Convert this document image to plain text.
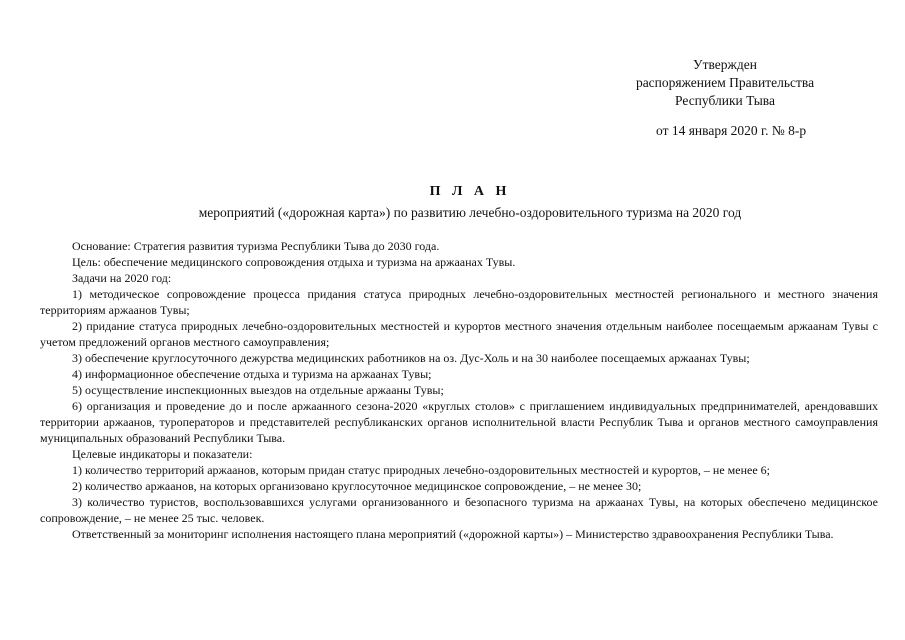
Утвержден
распоряжением Правительства
Республики Тыва
от 14 января 2020 г. № 8-р
П Л А Н
мероприятий («дорожная карта») по развитию лечебно-оздоровительного туризма на 2020 год

Основание: Стратегия развития туризма Республики Тыва до 2030 года.

Цель: обеспечение медицинского сопровождения отдыха и туризма на аржаанах Тувы.

Задачи на 2020 год:

1) методическое сопровождение процесса придания статуса природных лечебно-оздоровительных местностей регионального и местного значения территориям аржаанов Тувы;

2) придание статуса природных лечебно-оздоровительных местностей и курортов местного значения отдельным наиболее посещаемым аржаанам Тувы с учетом предложений органов местного самоуправления;

3) обеспечение круглосуточного дежурства медицинских работников на оз. Дус-Холь и на 30 наиболее посещаемых аржаанах Тувы;

4) информационное обеспечение отдыха и туризма на аржаанах Тувы;

5) осуществление инспекционных выездов на отдельные аржааны Тувы;

6) организация и проведение до и после аржаанного сезона-2020 «круглых столов» с приглашением индивидуальных предпринимателей, арендовавших территории аржаанов, туроператоров и представителей республиканских органов исполнительной власти Республик Тыва и органов местного самоуправления муниципальных образований Республики Тыва.

Целевые индикаторы и показатели:

1) количество территорий аржаанов, которым придан статус природных лечебно-оздоровительных местностей и курортов, – не менее 6;

2) количество аржаанов, на которых организовано круглосуточное медицинское сопровождение, – не менее 30;

3) количество туристов, воспользовавшихся услугами организованного и безопасного туризма на аржаанах Тувы, на которых обеспечено медицинское сопровождение, – не менее 25 тыс. человек.

Ответственный за мониторинг исполнения настоящего плана мероприятий («дорожной карты») – Министерство здравоохранения Республики Тыва.
